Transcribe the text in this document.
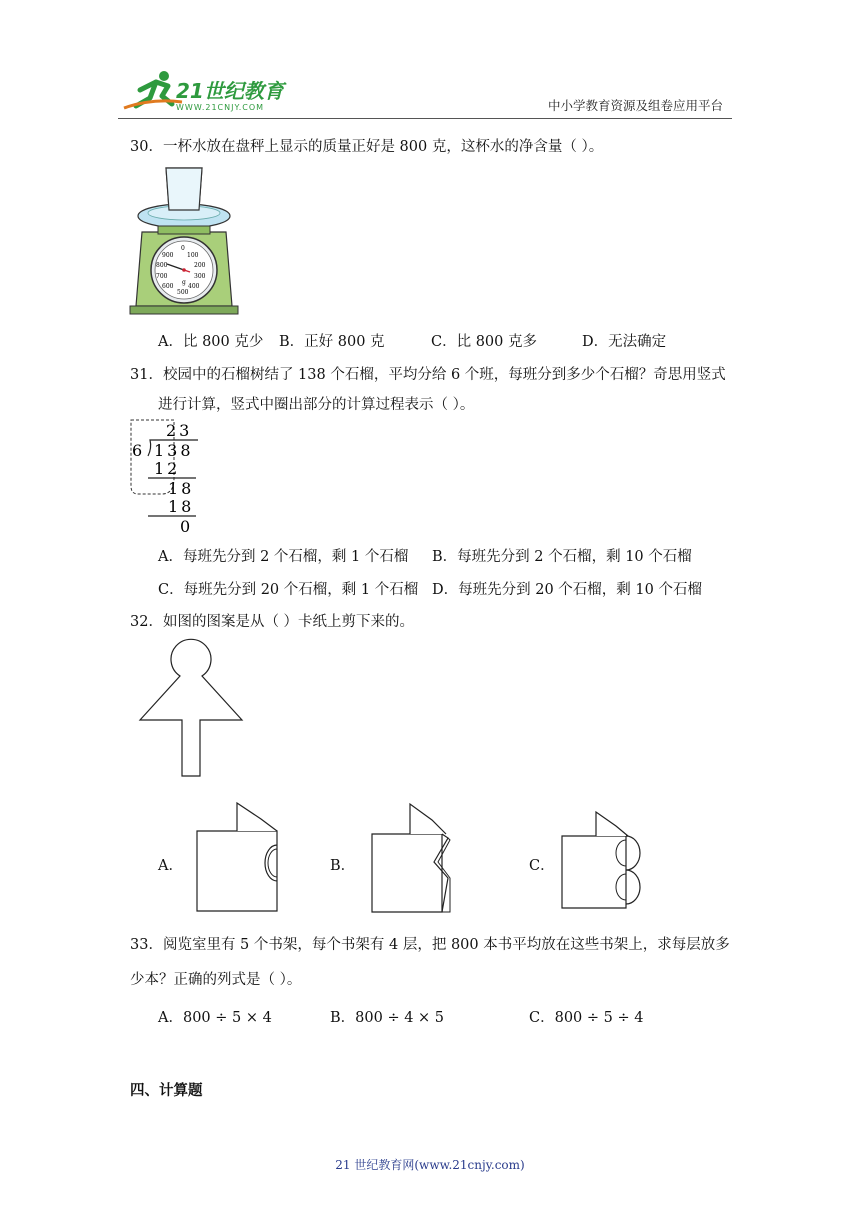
21世纪教育
WWW.21CNJY.COM	中小学教育资源及组卷应用平台
30．一杯水放在盘秤上显示的质量正好是 800 克，这杯水的净含量（ ）。
0
100
200
300
400
500
600
700
800
900
g
A．比 800 克少 B．正好 800 克	C．比 800 克多	D．无法确定
31．校园中的石榴树结了 138 个石榴，平均分给 6 个班，每班分到多少个石榴？奇思用竖式
进行计算，竖式中圈出部分的计算过程表示（ ）。
23
6 138
12
18
18
0
A．每班先分到 2 个石榴，剩 1 个石榴 B．每班先分到 2 个石榴，剩 10 个石榴
C．每班先分到 20 个石榴，剩 1 个石榴 D．每班先分到 20 个石榴，剩 10 个石榴
32．如图的图案是从（ ）卡纸上剪下来的。
A．	B．	C．
33．阅览室里有 5 个书架，每个书架有 4 层，把 800 本书平均放在这些书架上，求每层放多
少本？正确的列式是（ ）。
A．800 ÷ 5 × 4	B．800 ÷ 4 × 5	C．800 ÷ 5 ÷ 4
四、计算题
21 世纪教育网(www.21cnjy.com)
